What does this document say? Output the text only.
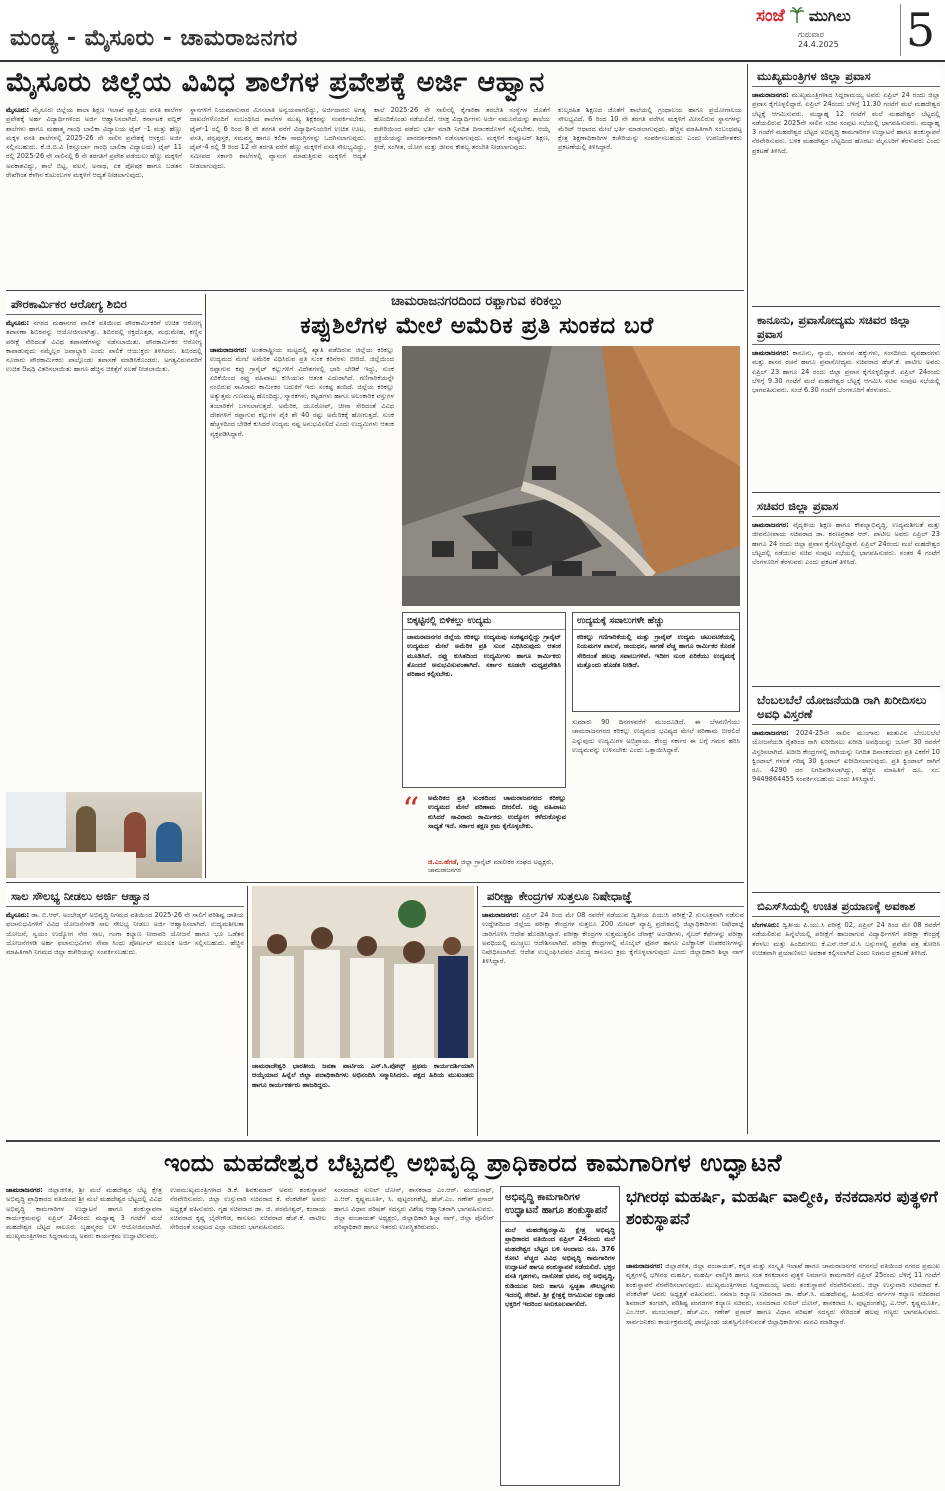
ಮಂಡ್ಯ - ಮೈಸೂರು - ಚಾಮರಾಜನಗರ
ಸಂಜೆ ಮುಗಿಲು
ಗುರುವಾರ
24.4.2025 5
ಮೈಸೂರು ಜಿಲ್ಲೆಯ ವಿವಿಧ ಶಾಲೆಗಳ ಪ್ರವೇಶಕ್ಕೆ ಅರ್ಜಿ ಆಹ್ವಾನ
ಮೈಸೂರು: ಮೈಸೂರು ಜಿಲ್ಲೆಯ ಶಾಲಾ ಶಿಕ್ಷಣ ಇಲಾಖೆ ವ್ಯಾಪ್ತಿಯ ವಸತಿ ಶಾಲೆಗಳ ಪ್ರವೇಶಕ್ಕೆ ಅರ್ಹ ವಿದ್ಯಾರ್ಥಿಗಳಿಂದ ಅರ್ಜಿ ಆಹ್ವಾನಿಸಲಾಗಿದೆ. ಕರ್ನಾಟಕ ಪಬ್ಲಿಕ್ ಶಾಲೆಗಳು ಹಾಗೂ ಮಹಾತ್ಮ ಗಾಂಧಿ ಬಾಲಿಕಾ ವಿದ್ಯಾಲಯ ಟೈಪ್ -1 ಮತ್ತು ಹೆಣ್ಣು ಮಕ್ಕಳ ವಸತಿ ಶಾಲೆಗಳಲ್ಲಿ 2025-26 ನೇ ಸಾಲಿನ ಪ್ರವೇಶಕ್ಕೆ ಆಸಕ್ತರು ಅರ್ಜಿ ಸಲ್ಲಿಸಬಹುದು. ಕೆ.ಜಿ.ಬಿ.ವಿ (ಕಸ್ತೂರ್ಬಾ ಗಾಂಧಿ ಬಾಲಿಕಾ ವಿದ್ಯಾಲಯ) ಟೈಪ್ 11 ರಲ್ಲಿ 2025-26 ನೇ ಸಾಲಿನಲ್ಲಿ 6 ನೇ ತರಗತಿಗೆ ಪ್ರವೇಶ ಪಡೆಯಲು ಹೆಣ್ಣು ಮಕ್ಕಳಿಗೆ ಅವಕಾಶವಿದ್ದು, ಶಾಲೆ ಬಿಟ್ಟ, ವಲಸೆ, ಅನಾಥ, ಏಕ ಪೋಷಕ ಹಾಗೂ ಬಡತನ ರೇಖೆಗಿಂತ ಕೆಳಗಿನ ಕುಟುಂಬಗಳ ಮಕ್ಕಳಿಗೆ ಆದ್ಯತೆ ನೀಡಲಾಗುವುದು.
ಸ್ಥಾನಗಳಿಗೆ ನಿಯಮಾನುಸಾರ ಮೀಸಲಾತಿ ಅನ್ವಯವಾಗಲಿದ್ದು, ಅರ್ಜಿದಾರರು ಅಗತ್ಯ ದಾಖಲೆಗಳೊಂದಿಗೆ ಸಂಬಂಧಿಸಿದ ಶಾಲೆಗಳ ಮುಖ್ಯ ಶಿಕ್ಷಕರನ್ನು ಸಂಪರ್ಕಿಸಬೇಕು. ಟೈಪ್-1 ರಲ್ಲಿ 6 ರಿಂದ 8 ನೇ ತರಗತಿ ವರೆಗೆ ವಿದ್ಯಾರ್ಥಿನಿಯರಿಗೆ ಉಚಿತ ಊಟ, ವಸತಿ, ಪಠ್ಯಪುಸ್ತಕ, ಸಮವಸ್ತ್ರ ಹಾಗೂ ಕಲಿಕಾ ಸಾಮಗ್ರಿಗಳನ್ನು ಒದಗಿಸಲಾಗುವುದು. ಟೈಪ್-4 ರಲ್ಲಿ 9 ರಿಂದ 12 ನೇ ತರಗತಿ ವರೆಗೆ ಹೆಣ್ಣು ಮಕ್ಕಳಿಗೆ ವಸತಿ ಸೌಲಭ್ಯವಿದ್ದು, ಸಮೀಪದ ಸರ್ಕಾರಿ ಶಾಲೆಗಳಲ್ಲಿ ವ್ಯಾಸಂಗ ಮಾಡುತ್ತಿರುವ ಮಕ್ಕಳಿಗೆ ಆದ್ಯತೆ ನೀಡಲಾಗುವುದು.
ಶಾಲೆ 2025-26 ನೇ ಸಾಲಿನಲ್ಲಿ ಕೈಗಾರಿಕಾ ತರಬೇತಿ ಸಂಸ್ಥೆಗಳ ಜೊತೆಗೆ ಹೊಂದಿಕೊಂಡು ನಡೆಯಲಿದೆ. ಆಸಕ್ತ ವಿದ್ಯಾರ್ಥಿಗಳು ಅರ್ಜಿ ನಮೂನೆಯನ್ನು ಶಾಲೆಯ ಕಚೇರಿಯಿಂದ ಪಡೆದು ಭರ್ತಿ ಮಾಡಿ ನಿಗದಿತ ದಿನಾಂಕದೊಳಗೆ ಸಲ್ಲಿಸಬೇಕು. ಆಯ್ಕೆ ಪ್ರಕ್ರಿಯೆಯನ್ನು ಪಾರದರ್ಶಕವಾಗಿ ನಡೆಸಲಾಗುವುದು. ಮಕ್ಕಳಿಗೆ ಕಂಪ್ಯೂಟರ್ ಶಿಕ್ಷಣ, ಕ್ರೀಡೆ, ಸಂಗೀತ, ಯೋಗ ಮತ್ತು ಜೀವನ ಕೌಶಲ್ಯ ತರಬೇತಿ ನೀಡಲಾಗುವುದು.
ಶುಲ್ಕರಹಿತ ಶಿಕ್ಷಣದ ಜೊತೆಗೆ ಶಾಲೆಯಲ್ಲಿ ಗ್ರಂಥಾಲಯ ಹಾಗೂ ಪ್ರಯೋಗಾಲಯ ಸೌಲಭ್ಯವಿದೆ. 6 ರಿಂದ 10 ನೇ ತರಗತಿ ವರೆಗಿನ ಮಕ್ಕಳಿಗೆ ಮೀಸಲಿರುವ ಸ್ಥಾನಗಳನ್ನು ಮೆರಿಟ್ ಆಧಾರದ ಮೇಲೆ ಭರ್ತಿ ಮಾಡಲಾಗುವುದು. ಹೆಚ್ಚಿನ ಮಾಹಿತಿಗಾಗಿ ಸಂಬಂಧಪಟ್ಟ ಕ್ಷೇತ್ರ ಶಿಕ್ಷಣಾಧಿಕಾರಿಗಳ ಕಚೇರಿಯನ್ನು ಸಂಪರ್ಕಿಸಬಹುದು ಎಂದು ಉಪನಿರ್ದೇಶಕರು ಪ್ರಕಟಣೆಯಲ್ಲಿ ತಿಳಿಸಿದ್ದಾರೆ.
ಮುಖ್ಯಮಂತ್ರಿಗಳ ಜಿಲ್ಲಾ ಪ್ರವಾಸ
ಚಾಮರಾಜನಗರ: ಮುಖ್ಯಮಂತ್ರಿಗಳಾದ ಸಿದ್ದರಾಮಯ್ಯ ಅವರು ಏಪ್ರಿಲ್ 24 ರಂದು ಜಿಲ್ಲಾ ಪ್ರವಾಸ ಕೈಗೊಳ್ಳಲಿದ್ದಾರೆ. ಏಪ್ರಿಲ್ 24ರಂದು ಬೆಳಿಗ್ಗೆ 11.30 ಗಂಟೆಗೆ ಮಲೆ ಮಹದೇಶ್ವರ ಬೆಟ್ಟಕ್ಕೆ ಆಗಮಿಸುವರು. ಮಧ್ಯಾಹ್ನ 12 ಗಂಟೆಗೆ ಮಲೆ ಮಹದೇಶ್ವರ ಬೆಟ್ಟದಲ್ಲಿ ನಡೆಯಲಿರುವ 2025ನೇ ಸಾಲಿನ ಸಚಿವ ಸಂಪುಟ ಸಭೆಯಲ್ಲಿ ಭಾಗವಹಿಸುವರು. ಮಧ್ಯಾಹ್ನ 3 ಗಂಟೆಗೆ ಮಹದೇಶ್ವರ ಬೆಟ್ಟದ ಅಭಿವೃದ್ಧಿ ಕಾಮಗಾರಿಗಳ ಉದ್ಘಾಟನೆ ಹಾಗೂ ಶಂಕುಸ್ಥಾಪನೆ ನೆರವೇರಿಸುವರು. ಬಳಿಕ ಮಹದೇಶ್ವರ ಬೆಟ್ಟದಿಂದ ಹೊರಟು ಮೈಸೂರಿಗೆ ತೆರಳುವರು ಎಂದು ಪ್ರಕಟಣೆ ತಿಳಿಸಿದೆ.
ಕಾನೂನು, ಪ್ರವಾಸೋದ್ಯಮ ಸಚಿವರ ಜಿಲ್ಲಾ ಪ್ರವಾಸ
ಚಾಮರಾಜನಗರ: ಕಾನೂನು, ನ್ಯಾಯ, ಮಾನವ ಹಕ್ಕುಗಳು, ಸಂಸದೀಯ ವ್ಯವಹಾರಗಳು ಮತ್ತು ಶಾಸನ ರಚನೆ ಹಾಗೂ ಪ್ರವಾಸೋದ್ಯಮ ಸಚಿವರಾದ ಹೆಚ್.ಕೆ. ಪಾಟೀಲ ಅವರು ಏಪ್ರಿಲ್ 23 ಹಾಗೂ 24 ರಂದು ಜಿಲ್ಲಾ ಪ್ರವಾಸ ಕೈಗೊಳ್ಳಲಿದ್ದಾರೆ. ಏಪ್ರಿಲ್ 24ರಂದು ಬೆಳಿಗ್ಗೆ 9.30 ಗಂಟೆಗೆ ಮಲೆ ಮಹದೇಶ್ವರ ಬೆಟ್ಟಕ್ಕೆ ಆಗಮಿಸಿ ಸಚಿವ ಸಂಪುಟ ಸಭೆಯಲ್ಲಿ ಭಾಗವಹಿಸುವರು. ಸಂಜೆ 6.30 ಗಂಟೆಗೆ ಬೆಂಗಳೂರಿಗೆ ತೆರಳುವರು.
ಸಚಿವರ ಜಿಲ್ಲಾ ಪ್ರವಾಸ
ಚಾಮರಾಜನಗರ: ವೈದ್ಯಕೀಯ ಶಿಕ್ಷಣ ಹಾಗೂ ಕೌಶಲ್ಯಾಭಿವೃದ್ಧಿ, ಉದ್ಯಮಶೀಲತೆ ಮತ್ತು ಜೀವನೋಪಾಯ ಸಚಿವರಾದ ಡಾ. ಶರಣಪ್ರಕಾಶ ಆರ್. ಪಾಟೀಲ ಅವರು ಏಪ್ರಿಲ್ 23 ಹಾಗೂ 24 ರಂದು ಜಿಲ್ಲಾ ಪ್ರವಾಸ ಕೈಗೊಳ್ಳಲಿದ್ದಾರೆ. ಏಪ್ರಿಲ್ 24ರಂದು ಮಲೆ ಮಹದೇಶ್ವರ ಬೆಟ್ಟದಲ್ಲಿ ನಡೆಯುವ ಸಚಿವ ಸಂಪುಟ ಸಭೆಯಲ್ಲಿ ಭಾಗವಹಿಸುವರು. ನಂತರ 4 ಗಂಟೆಗೆ ಬೆಂಗಳೂರಿಗೆ ತೆರಳುವರು ಎಂದು ಪ್ರಕಟಣೆ ತಿಳಿಸಿದೆ.
ಬೆಂಬಲಬೆಲೆ ಯೋಜನೆಯಡಿ ರಾಗಿ ಖರೀದಿಸಲು ಅವಧಿ ವಿಸ್ತರಣೆ
ಚಾಮರಾಜನಗರ: 2024-25ನೇ ಸಾಲಿನ ಮುಂಗಾರು ಋತುವಿನ ಬೆಂಬಲಬೆಲೆ ಯೋಜನೆಯಡಿ ರೈತರಿಂದ ರಾಗಿ ಖರೀದಿಸಲು ಖರೀದಿ ಅವಧಿಯನ್ನು ಜೂನ್ 30 ರವರೆಗೆ ವಿಸ್ತರಿಸಲಾಗಿದೆ. ಖರೀದಿ ಕೇಂದ್ರಗಳಲ್ಲಿ ರಾಗಿಯನ್ನು ನಿಗದಿತ ದಿನಾಂಕದಂದು ಪ್ರತಿ ಎಕರೆಗೆ 10 ಕ್ವಿಂಟಾಲ್ ಗಳಂತೆ ಗರಿಷ್ಠ 30 ಕ್ವಿಂಟಾಲ್ ಖರೀದಿಸಲಾಗುವುದು. ಪ್ರತಿ ಕ್ವಿಂಟಾಲ್ ರಾಗಿಗೆ ರೂ. 4290 ದರ ನಿಗದಿಪಡಿಸಲಾಗಿದ್ದು, ಹೆಚ್ಚಿನ ಮಾಹಿತಿಗೆ ದೂ. ಸಂ: 9449864455 ಸಂಪರ್ಕಿಸಬಹುದು ಎಂದು ತಿಳಿಸಿದ್ದಾರೆ.
ಬಿಎಸ್‌ಸಿಯಲ್ಲಿ ಉಚಿತ ಪ್ರಯಾಣಕ್ಕೆ ಅವಕಾಶ
ಬೆಂಗಳೂರು: ದ್ವಿತೀಯ ಪಿ.ಯು.ಸಿ ಪರೀಕ್ಷೆ 02, ಏಪ್ರಿಲ್ 24 ರಿಂದ ಮೇ 08 ರವರೆಗೆ ನಡೆಯಲಿರುವ ಹಿನ್ನೆಲೆಯಲ್ಲಿ ಪರೀಕ್ಷೆಗೆ ಹಾಜರಾಗುವ ವಿದ್ಯಾರ್ಥಿಗಳಿಗೆ ಪರೀಕ್ಷಾ ಕೇಂದ್ರಕ್ಕೆ ತೆರಳಲು ಮತ್ತು ಹಿಂದಿರುಗಲು ಕೆ.ಎಸ್.ಆರ್.ಟಿ.ಸಿ ಬಸ್ಸುಗಳಲ್ಲಿ ಪ್ರವೇಶ ಪತ್ರ ತೋರಿಸಿ ಉಚಿತವಾಗಿ ಪ್ರಯಾಣಿಸಲು ಅವಕಾಶ ಕಲ್ಪಿಸಲಾಗಿದೆ ಎಂದು ನಿಗಮದ ಪ್ರಕಟಣೆ ತಿಳಿಸಿದೆ.
ಪೌರಕಾರ್ಮಿಕರ ಆರೋಗ್ಯ ಶಿಬಿರ
ಮೈಸೂರು: ನಗರದ ಮಹಾನಗರ ಪಾಲಿಕೆ ವತಿಯಿಂದ ಪೌರಕಾರ್ಮಿಕರಿಗೆ ಉಚಿತ ಆರೋಗ್ಯ ತಪಾಸಣಾ ಶಿಬಿರವನ್ನು ಆಯೋಜಿಸಲಾಗಿತ್ತು. ಶಿಬಿರದಲ್ಲಿ ರಕ್ತದೊತ್ತಡ, ಮಧುಮೇಹ, ಕಣ್ಣಿನ ಪರೀಕ್ಷೆ ಸೇರಿದಂತೆ ವಿವಿಧ ತಪಾಸಣೆಗಳನ್ನು ನಡೆಸಲಾಯಿತು. ಪೌರಕಾರ್ಮಿಕರ ಆರೋಗ್ಯ ಕಾಪಾಡುವುದು ನಮ್ಮೆಲ್ಲರ ಜವಾಬ್ದಾರಿ ಎಂದು ಪಾಲಿಕೆ ಆಯುಕ್ತರು ತಿಳಿಸಿದರು. ಶಿಬಿರದಲ್ಲಿ ನೂರಾರು ಪೌರಕಾರ್ಮಿಕರು ಪಾಲ್ಗೊಂಡು ತಪಾಸಣೆ ಮಾಡಿಸಿಕೊಂಡರು. ಅಗತ್ಯವಿರುವವರಿಗೆ ಉಚಿತ ಔಷಧಿ ವಿತರಿಸಲಾಯಿತು ಹಾಗೂ ಹೆಚ್ಚಿನ ಚಿಕಿತ್ಸೆಗೆ ಸಲಹೆ ನೀಡಲಾಯಿತು.
ಚಾಮರಾಜನಗರದಿಂದ ರಫ್ತಾಗುವ ಕರಿಕಲ್ಲು
ಕಪ್ಪುಶಿಲೆಗಳ ಮೇಲೆ ಅಮೆರಿಕ ಪ್ರತಿ ಸುಂಕದ ಬರೆ
ಚಾಮರಾಜನಗರ: ಅಂತರಾಷ್ಟ್ರೀಯ ಮಟ್ಟದಲ್ಲಿ ಖ್ಯಾತಿ ಪಡೆದಿರುವ ಜಿಲ್ಲೆಯ ಕರಿಕಲ್ಲು ಉದ್ಯಮದ ಮೇಲೆ ಅಮೆರಿಕ ವಿಧಿಸಿರುವ ಪ್ರತಿ ಸುಂಕ ಕರಿನೆರಳು ಬೀರಿದೆ. ಜಿಲ್ಲೆಯಿಂದ ರಫ್ತಾಗುವ ಕಪ್ಪು ಗ್ರಾನೈಟ್ ಕಲ್ಲುಗಳಿಗೆ ವಿದೇಶಗಳಲ್ಲಿ ಭಾರಿ ಬೇಡಿಕೆ ಇದ್ದು, ಸುಂಕ ಏರಿಕೆಯಿಂದ ರಫ್ತು ವಹಿವಾಟು ಕುಸಿಯುವ ಆತಂಕ ಎದುರಾಗಿದೆ. ಗಣಿಗಾರಿಕೆಯನ್ನೇ ನಂಬಿರುವ ಸಾವಿರಾರು ಕಾರ್ಮಿಕರ ಬದುಕಿಗೆ ಇದು ಸಂಕಷ್ಟ ತಂದಿದೆ. ಜಿಲ್ಲೆಯ ಕರಿಕಲ್ಲು ಅತ್ಯುತ್ತಮ ಗುಣಮಟ್ಟ ಹೊಂದಿದ್ದು, ಸ್ಮಾರಕಗಳು, ಕಟ್ಟಡಗಳು ಹಾಗೂ ಅಲಂಕಾರಿಕ ವಸ್ತುಗಳ ತಯಾರಿಕೆಗೆ ಬಳಸಲಾಗುತ್ತದೆ. ಅಮೆರಿಕ, ಯೂರೋಪ್, ಚೀನಾ ಸೇರಿದಂತೆ ವಿವಿಧ ದೇಶಗಳಿಗೆ ರಫ್ತಾಗುವ ಕಲ್ಲುಗಳ ಪೈಕಿ ಶೇ 40 ರಷ್ಟು ಅಮೆರಿಕಕ್ಕೆ ಹೋಗುತ್ತದೆ. ಸುಂಕ ಹೆಚ್ಚಳದಿಂದ ಬೇಡಿಕೆ ಕುಸಿದರೆ ಉದ್ಯಮ ನಷ್ಟ ಅನುಭವಿಸಲಿದೆ ಎಂದು ಉದ್ಯಮಿಗಳು ಆತಂಕ ವ್ಯಕ್ತಪಡಿಸಿದ್ದಾರೆ.
ಬಿಕ್ಕಟ್ಟಿನಲ್ಲಿ ಬಿಳಿಕಲ್ಲು ಉದ್ಯಮ
ಚಾಮರಾಜನಗರ ಜಿಲ್ಲೆಯ ಕರಿಕಲ್ಲು ಉದ್ಯಮವು ಸಂಕಷ್ಟದಲ್ಲಿದ್ದು ಗ್ರಾನೈಟ್ ಉದ್ಯಮದ ಮೇಲೆ ಅಮೆರಿಕ ಪ್ರತಿ ಸುಂಕ ವಿಧಿಸಿರುವುದು ಆತಂಕ ಮೂಡಿಸಿದೆ. ರಫ್ತು ಕುಸಿತದಿಂದ ಉದ್ಯಮಿಗಳು ಹಾಗೂ ಕಾರ್ಮಿಕರು ತೊಂದರೆ ಅನುಭವಿಸುವಂತಾಗಿದೆ. ಸರ್ಕಾರ ಕೂಡಲೇ ಮಧ್ಯಪ್ರವೇಶಿಸಿ ಪರಿಹಾರ ಕಲ್ಪಿಸಬೇಕು.
“ ಅಮೆರಿಕದ ಪ್ರತಿ ಸುಂಕದಿಂದ ಚಾಮರಾಜನಗರದ ಕರಿಕಲ್ಲು ಉದ್ಯಮದ ಮೇಲೆ ಪರಿಣಾಮ ಬೀರಲಿದೆ. ರಫ್ತು ವಹಿವಾಟು ಕುಸಿದರೆ ಸಾವಿರಾರು ಕಾರ್ಮಿಕರು ಉದ್ಯೋಗ ಕಳೆದುಕೊಳ್ಳುವ ಸಾಧ್ಯತೆ ಇದೆ. ಸರ್ಕಾರ ತಕ್ಷಣ ಕ್ರಮ ಕೈಗೊಳ್ಳಬೇಕು.
ಜಿ.ಎಂ.ಹೆಗಡೆ, ಜಿಲ್ಲಾ ಗ್ರಾನೈಟ್ ಮಾಲೀಕರ ಸಂಘದ ಅಧ್ಯಕ್ಷರು, ಚಾಮರಾಜನಗರ
ಉದ್ಯಮಕ್ಕೆ ಸವಾಲುಗಳೇ ಹೆಚ್ಚು
ಕರಿಕಲ್ಲು ಗಣಿಗಾರಿಕೆಯಲ್ಲಿ ಮತ್ತು ಗ್ರಾನೈಟ್ ಉದ್ಯಮ ಚಟುವಟಿಕೆಯಲ್ಲಿ ನಿಯಮಗಳ ಪಾಲನೆ, ರಾಯಧನ, ಸಾಗಣೆ ವೆಚ್ಚ ಹಾಗೂ ಕಾರ್ಮಿಕರ ಕೊರತೆ ಸೇರಿದಂತೆ ಹಲವು ಸವಾಲುಗಳಿವೆ. ಇದೀಗ ಸುಂಕ ಏರಿಕೆಯು ಉದ್ಯಮಕ್ಕೆ ಮತ್ತೊಂದು ಹೊಡೆತ ನೀಡಿದೆ.
ಸುಮಾರು 90 ದಿನಗಳವರೆಗೆ ಮುಂದೂಡಿದೆ. ಈ ಬೆಳವಣಿಗೆಯು ಚಾಮರಾಜನಗರದ ಕರಿಕಲ್ಲು ಉದ್ಯಮದ ಭವಿಷ್ಯದ ಮೇಲೆ ಪರಿಣಾಮ ಬೀರಲಿದೆ ಎನ್ನುವುದು ಉದ್ಯಮಿಗಳ ಅಭಿಪ್ರಾಯ. ಕೇಂದ್ರ ಸರ್ಕಾರ ಈ ಬಗ್ಗೆ ಗಮನ ಹರಿಸಿ ಉದ್ಯಮವನ್ನು ಉಳಿಸಬೇಕು ಎಂದು ಒತ್ತಾಯಿಸಿದ್ದಾರೆ.
ಸಾಲ ಸೌಲಭ್ಯ ನೀಡಲು ಅರ್ಜಿ ಆಹ್ವಾನ
ಮೈಸೂರು: ಡಾ. ಬಿ.ಆರ್. ಅಂಬೇಡ್ಕರ್ ಅಭಿವೃದ್ಧಿ ನಿಗಮದ ವತಿಯಿಂದ 2025-26 ನೇ ಸಾಲಿಗೆ ಪರಿಶಿಷ್ಟ ಜಾತಿಯ ಫಲಾನುಭವಿಗಳಿಗೆ ವಿವಿಧ ಯೋಜನೆಗಳಡಿ ಸಾಲ ಸೌಲಭ್ಯ ನೀಡಲು ಅರ್ಜಿ ಆಹ್ವಾನಿಸಲಾಗಿದೆ. ಉದ್ಯಮಶೀಲತಾ ಯೋಜನೆ, ಸ್ವಯಂ ಉದ್ಯೋಗ ನೇರ ಸಾಲ, ಗಂಗಾ ಕಲ್ಯಾಣ ನೀರಾವರಿ ಯೋಜನೆ ಹಾಗೂ ಭೂ ಒಡೆತನ ಯೋಜನೆಗಳಡಿ ಅರ್ಹ ಫಲಾನುಭವಿಗಳು ಸೇವಾ ಸಿಂಧು ಪೋರ್ಟಲ್ ಮೂಲಕ ಅರ್ಜಿ ಸಲ್ಲಿಸಬಹುದು. ಹೆಚ್ಚಿನ ಮಾಹಿತಿಗಾಗಿ ನಿಗಮದ ಜಿಲ್ಲಾ ಕಚೇರಿಯನ್ನು ಸಂಪರ್ಕಿಸಬಹುದು.
ಚಾಮರಾಜೇಶ್ವರಿ ಭಾರತೀಯ ಜನತಾ ಪಾರ್ಟಿಯ ಎನ್.ಸಿ.ಪೋನ್ಸ್ ಪ್ರಥಮ ಕಾರ್ಯದರ್ಶಿಯಾಗಿ ಆಯ್ಕೆಯಾದ ಹಿನ್ನೆಲೆ ಜಿಲ್ಲಾ ಪದಾಧಿಕಾರಿಗಳು ಅಭಿನಂದಿಸಿ ಸನ್ಮಾನಿಸಿದರು. ಪಕ್ಷದ ಹಿರಿಯ ಮುಖಂಡರು ಹಾಗೂ ಕಾರ್ಯಕರ್ತರು ಹಾಜರಿದ್ದರು.
ಪರೀಕ್ಷಾ ಕೇಂದ್ರಗಳ ಸುತ್ತಲೂ ನಿಷೇಧಾಜ್ಞೆ
ಚಾಮರಾಜನಗರ: ಏಪ್ರಿಲ್ 24 ರಿಂದ ಮೇ 08 ರವರೆಗೆ ನಡೆಯುವ ದ್ವಿತೀಯ ಪಿಯುಸಿ ಪರೀಕ್ಷೆ-2 ಸುಸೂತ್ರವಾಗಿ ನಡೆಸುವ ಉದ್ದೇಶದಿಂದ ಜಿಲ್ಲೆಯ ಪರೀಕ್ಷಾ ಕೇಂದ್ರಗಳ ಸುತ್ತಲೂ 200 ಮೀಟರ್ ವ್ಯಾಪ್ತಿ ಪ್ರದೇಶದಲ್ಲಿ ಜಿಲ್ಲಾಧಿಕಾರಿಗಳು ನಿಷೇಧಾಜ್ಞೆ ಜಾರಿಗೊಳಿಸಿ ಆದೇಶ ಹೊರಡಿಸಿದ್ದಾರೆ. ಪರೀಕ್ಷಾ ಕೇಂದ್ರಗಳ ಸುತ್ತಮುತ್ತಲಿನ ಜೆರಾಕ್ಸ್ ಅಂಗಡಿಗಳು, ಸೈಬರ್ ಕೆಫೆಗಳನ್ನು ಪರೀಕ್ಷಾ ಅವಧಿಯಲ್ಲಿ ಮುಚ್ಚಲು ಆದೇಶಿಸಲಾಗಿದೆ. ಪರೀಕ್ಷಾ ಕೇಂದ್ರಗಳಲ್ಲಿ ಮೊಬೈಲ್ ಫೋನ್ ಹಾಗೂ ಎಲೆಕ್ಟ್ರಾನಿಕ್ ಉಪಕರಣಗಳನ್ನು ನಿಷೇಧಿಸಲಾಗಿದೆ. ಆದೇಶ ಉಲ್ಲಂಘಿಸಿದವರ ವಿರುದ್ಧ ಕಾನೂನು ಕ್ರಮ ಕೈಗೊಳ್ಳಲಾಗುವುದು ಎಂದು ಜಿಲ್ಲಾಧಿಕಾರಿ ಶಿಲ್ಪಾ ನಾಗ್ ತಿಳಿಸಿದ್ದಾರೆ.
ಇಂದು ಮಹದೇಶ್ವರ ಬೆಟ್ಟದಲ್ಲಿ ಅಭಿವೃದ್ಧಿ ಪ್ರಾಧಿಕಾರದ ಕಾಮಗಾರಿಗಳ ಉದ್ಘಾಟನೆ
ಚಾಮರಾಜನಗರ: ಜಿಲ್ಲಾಡಳಿತ, ಶ್ರೀ ಮಲೆ ಮಹದೇಶ್ವರ ಬೆಟ್ಟ ಕ್ಷೇತ್ರ ಅಭಿವೃದ್ಧಿ ಪ್ರಾಧಿಕಾರದ ವತಿಯಿಂದ ಶ್ರೀ ಮಲೆ ಮಹದೇಶ್ವರ ಬೆಟ್ಟದಲ್ಲಿ ವಿವಿಧ ಅಭಿವೃದ್ಧಿ ಕಾಮಗಾರಿಗಳ ಉದ್ಘಾಟನೆ ಹಾಗೂ ಶಂಕುಸ್ಥಾಪನಾ ಕಾರ್ಯಕ್ರಮವನ್ನು ಏಪ್ರಿಲ್ 24ರಂದು ಮಧ್ಯಾಹ್ನ 3 ಗಂಟೆಗೆ ಮಲೆ ಮಹದೇಶ್ವರ ಬೆಟ್ಟದ ಸಾಲೂರು ಬೃಹನ್ಮಠದ ಬಳಿ ಆಯೋಜಿಸಲಾಗಿದೆ. ಮುಖ್ಯಮಂತ್ರಿಗಳಾದ ಸಿದ್ದರಾಮಯ್ಯ ಅವರು ಕಾರ್ಯಕ್ರಮ ಉದ್ಘಾಟಿಸುವರು.
ಉಪಮುಖ್ಯಮಂತ್ರಿಗಳಾದ ಡಿ.ಕೆ. ಶಿವಕುಮಾರ್ ಅವರು ಶಂಕುಸ್ಥಾಪನೆ ನೆರವೇರಿಸುವರು. ಜಿಲ್ಲಾ ಉಸ್ತುವಾರಿ ಸಚಿವರಾದ ಕೆ. ವೆಂಕಟೇಶ್ ಅವರು ಅಧ್ಯಕ್ಷತೆ ವಹಿಸುವರು. ಗೃಹ ಸಚಿವರಾದ ಡಾ. ಜಿ. ಪರಮೇಶ್ವರ್, ಕಂದಾಯ ಸಚಿವರಾದ ಕೃಷ್ಣ ಬೈರೇಗೌಡ, ಕಾನೂನು ಸಚಿವರಾದ ಹೆಚ್.ಕೆ. ಪಾಟೀಲ ಸೇರಿದಂತೆ ಸಂಪುಟದ ಎಲ್ಲಾ ಸಚಿವರು ಭಾಗವಹಿಸುವರು.
ಸಂಸದರಾದ ಸುನಿಲ್ ಬೋಸ್, ಶಾಸಕರಾದ ಎಂ.ಆರ್. ಮಂಜುನಾಥ್, ಎ.ಆರ್. ಕೃಷ್ಣಮೂರ್ತಿ, ಸಿ. ಪುಟ್ಟರಂಗಶೆಟ್ಟಿ, ಹೆಚ್.ಎಂ. ಗಣೇಶ್ ಪ್ರಸಾದ್ ಹಾಗೂ ವಿಧಾನ ಪರಿಷತ್ ಸದಸ್ಯರು ವಿಶೇಷ ಆಹ್ವಾನಿತರಾಗಿ ಭಾಗವಹಿಸುವರು. ಜಿಲ್ಲಾ ಪಂಚಾಯತ್ ಅಧ್ಯಕ್ಷರು, ಜಿಲ್ಲಾಧಿಕಾರಿ ಶಿಲ್ಪಾ ನಾಗ್, ಜಿಲ್ಲಾ ಪೊಲೀಸ್ ವರಿಷ್ಠಾಧಿಕಾರಿ ಹಾಗೂ ಇತರರು ಉಪಸ್ಥಿತರಿರುವರು.
ಅಭಿವೃದ್ಧಿ ಕಾಮಗಾರಿಗಳ ಉದ್ಘಾಟನೆ ಹಾಗೂ ಶಂಕುಸ್ಥಾಪನೆ
ಮಲೆ ಮಹದೇಶ್ವರಸ್ವಾಮಿ ಕ್ಷೇತ್ರ ಅಭಿವೃದ್ಧಿ ಪ್ರಾಧಿಕಾರದ ವತಿಯಿಂದ ಏಪ್ರಿಲ್ 24ರಂದು ಮಲೆ ಮಹದೇಶ್ವರ ಬೆಟ್ಟದ ಬಳಿ ಅಂದಾಜು ರೂ. 376 ಕೋಟಿ ವೆಚ್ಚದ ವಿವಿಧ ಅಭಿವೃದ್ಧಿ ಕಾಮಗಾರಿಗಳ ಉದ್ಘಾಟನೆ ಹಾಗೂ ಶಂಕುಸ್ಥಾಪನೆ ನಡೆಯಲಿದೆ. ಭಕ್ತರ ವಸತಿ ಗೃಹಗಳು, ದಾಸೋಹ ಭವನ, ರಸ್ತೆ ಅಭಿವೃದ್ಧಿ, ಕುಡಿಯುವ ನೀರು ಹಾಗೂ ಸ್ವಚ್ಛತಾ ಸೌಲಭ್ಯಗಳು ಇದರಲ್ಲಿ ಸೇರಿವೆ. ಶ್ರೀ ಕ್ಷೇತ್ರಕ್ಕೆ ಆಗಮಿಸುವ ಲಕ್ಷಾಂತರ ಭಕ್ತರಿಗೆ ಇದರಿಂದ ಅನುಕೂಲವಾಗಲಿದೆ.
ಭಗೀರಥ ಮಹರ್ಷಿ, ಮಹರ್ಷಿ ವಾಲ್ಮೀಕಿ, ಕನಕದಾಸರ ಪುತ್ಥಳಿಗೆ ಶಂಕುಸ್ಥಾಪನೆ
ಚಾಮರಾಜನಗರ: ಜಿಲ್ಲಾಡಳಿತ, ಜಿಲ್ಲಾ ಪಂಚಾಯತ್, ಕನ್ನಡ ಮತ್ತು ಸಂಸ್ಕೃತಿ ಇಲಾಖೆ ಹಾಗೂ ಚಾಮರಾಜನಗರ ನಗರಸಭೆ ವತಿಯಿಂದ ನಗರದ ಪ್ರಮುಖ ವೃತ್ತಗಳಲ್ಲಿ ಭಗೀರಥ ಮಹರ್ಷಿ, ಮಹರ್ಷಿ ವಾಲ್ಮೀಕಿ ಹಾಗೂ ಸಂತ ಕನಕದಾಸರ ಪುತ್ಥಳಿ ನಿರ್ಮಾಣ ಕಾಮಗಾರಿಗೆ ಏಪ್ರಿಲ್ 25ರಂದು ಬೆಳಿಗ್ಗೆ 11 ಗಂಟೆಗೆ ಶಂಕುಸ್ಥಾಪನೆ ನೆರವೇರಿಸಲಾಗುವುದು. ಮುಖ್ಯಮಂತ್ರಿಗಳಾದ ಸಿದ್ದರಾಮಯ್ಯ ಅವರು ಶಂಕುಸ್ಥಾಪನೆ ನೆರವೇರಿಸುವರು. ಜಿಲ್ಲಾ ಉಸ್ತುವಾರಿ ಸಚಿವರಾದ ಕೆ. ವೆಂಕಟೇಶ್ ಅವರು ಅಧ್ಯಕ್ಷತೆ ವಹಿಸುವರು. ಸಮಾಜ ಕಲ್ಯಾಣ ಸಚಿವರಾದ ಡಾ. ಹೆಚ್.ಸಿ. ಮಹದೇವಪ್ಪ, ಹಿಂದುಳಿದ ವರ್ಗಗಳ ಕಲ್ಯಾಣ ಸಚಿವರಾದ ಶಿವರಾಜ್ ತಂಗಡಗಿ, ಪರಿಶಿಷ್ಟ ಪಂಗಡಗಳ ಕಲ್ಯಾಣ ಸಚಿವರು, ಸಂಸದರಾದ ಸುನಿಲ್ ಬೋಸ್, ಶಾಸಕರಾದ ಸಿ. ಪುಟ್ಟರಂಗಶೆಟ್ಟಿ, ಎ.ಆರ್. ಕೃಷ್ಣಮೂರ್ತಿ, ಎಂ.ಆರ್. ಮಂಜುನಾಥ್, ಹೆಚ್.ಎಂ. ಗಣೇಶ್ ಪ್ರಸಾದ್ ಹಾಗೂ ವಿಧಾನ ಪರಿಷತ್ ಸದಸ್ಯರು ಸೇರಿದಂತೆ ಹಲವು ಗಣ್ಯರು ಭಾಗವಹಿಸುವರು. ಸಾರ್ವಜನಿಕರು ಕಾರ್ಯಕ್ರಮದಲ್ಲಿ ಪಾಲ್ಗೊಂಡು ಯಶಸ್ವಿಗೊಳಿಸುವಂತೆ ಜಿಲ್ಲಾಧಿಕಾರಿಗಳು ಮನವಿ ಮಾಡಿದ್ದಾರೆ.
